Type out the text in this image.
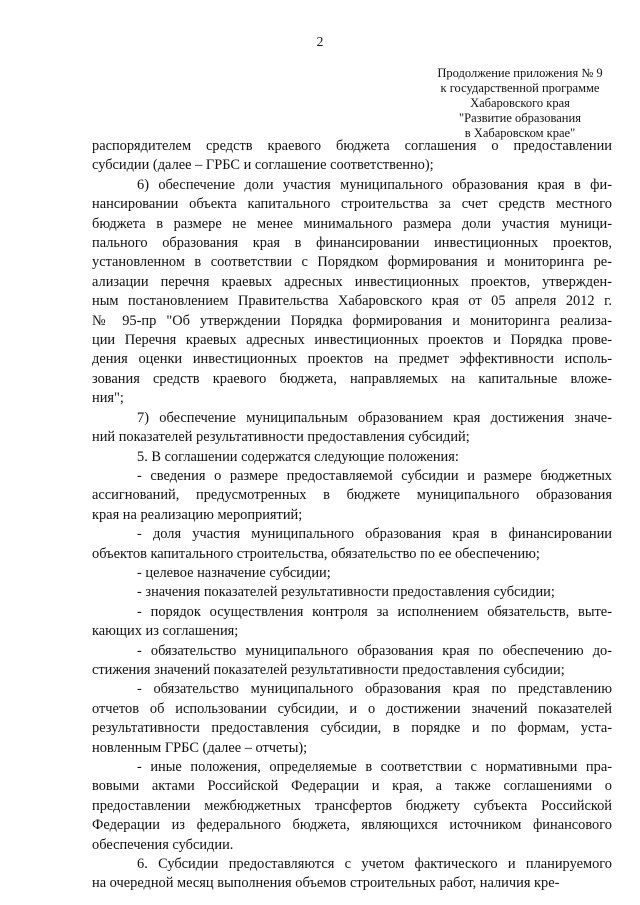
2
Продолжение приложения № 9
к государственной программе
Хабаровского края
"Развитие образования
в Хабаровском крае"

распорядителем средств краевого бюджета соглашения о предоставлении
субсидии (далее – ГРБС и соглашение соответственно);

6) обеспечение доли участия муниципального образования края в фи-
нансировании объекта капитального строительства за счет средств местного
бюджета в размере не менее минимального размера доли участия муници-
пального образования края в финансировании инвестиционных проектов,
установленном в соответствии с Порядком формирования и мониторинга ре-
ализации перечня краевых адресных инвестиционных проектов, утвержден-
ным постановлением Правительства Хабаровского края от 05 апреля 2012 г.
№ 95-пр "Об утверждении Порядка формирования и мониторинга реализа-
ции Перечня краевых адресных инвестиционных проектов и Порядка прове-
дения оценки инвестиционных проектов на предмет эффективности исполь-
зования средств краевого бюджета, направляемых на капитальные вложе-
ния";

7) обеспечение муниципальным образованием края достижения значе-
ний показателей результативности предоставления субсидий;

5. В соглашении содержатся следующие положения:

- сведения о размере предоставляемой субсидии и размере бюджетных
ассигнований, предусмотренных в бюджете муниципального образования
края на реализацию мероприятий;

- доля участия муниципального образования края в финансировании
объектов капитального строительства, обязательство по ее обеспечению;

- целевое назначение субсидии;

- значения показателей результативности предоставления субсидии;

- порядок осуществления контроля за исполнением обязательств, выте-
кающих из соглашения;

- обязательство муниципального образования края по обеспечению до-
стижения значений показателей результативности предоставления субсидии;

- обязательство муниципального образования края по представлению
отчетов об использовании субсидии, и о достижении значений показателей
результативности предоставления субсидии, в порядке и по формам, уста-
новленным ГРБС (далее – отчеты);

- иные положения, определяемые в соответствии с нормативными пра-
вовыми актами Российской Федерации и края, а также соглашениями о
предоставлении межбюджетных трансфертов бюджету субъекта Российской
Федерации из федерального бюджета, являющихся источником финансового
обеспечения субсидии.

6. Субсидии предоставляются с учетом фактического и планируемого
на очередной месяц выполнения объемов строительных работ, наличия кре-
